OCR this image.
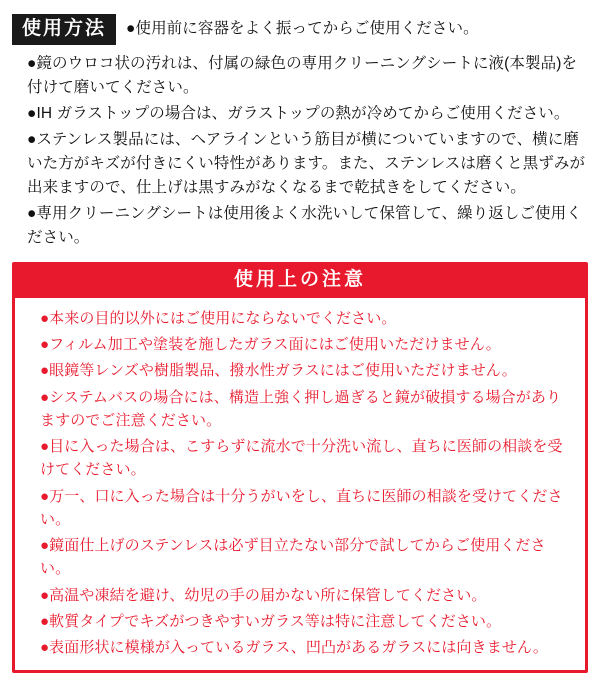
使用方法	●使用前に容器をよく振ってからご使用ください。

●鏡のウロコ状の汚れは、付属の緑色の専用クリーニングシートに液(本製品)を付けて磨いてください。

●IH ガラストップの場合は、ガラストップの熱が冷めてからご使用ください。

●ステンレス製品には、ヘアラインという筋目が横についていますので、横に磨いた方がキズが付きにくい特性があります。また、ステンレスは磨くと黒ずみが出来ますので、仕上げは黒すみがなくなるまで乾拭きをしてください。

●専用クリーニングシートは使用後よく水洗いして保管して、繰り返しご使用ください。

使用上の注意

●本来の目的以外にはご使用にならないでください。

●フィルム加工や塗装を施したガラス面にはご使用いただけません。

●眼鏡等レンズや樹脂製品、撥水性ガラスにはご使用いただけません。

●システムバスの場合には、構造上強く押し過ぎると鏡が破損する場合がありますのでご注意ください。

●目に入った場合は、こすらずに流水で十分洗い流し、直ちに医師の相談を受けてください。

●万一、口に入った場合は十分うがいをし、直ちに医師の相談を受けてください。

●鏡面仕上げのステンレスは必ず目立たない部分で試してからご使用ください。

●高温や凍結を避け、幼児の手の届かない所に保管してください。

●軟質タイプでキズがつきやすいガラス等は特に注意してください。

●表面形状に模様が入っているガラス、凹凸があるガラスには向きません。
